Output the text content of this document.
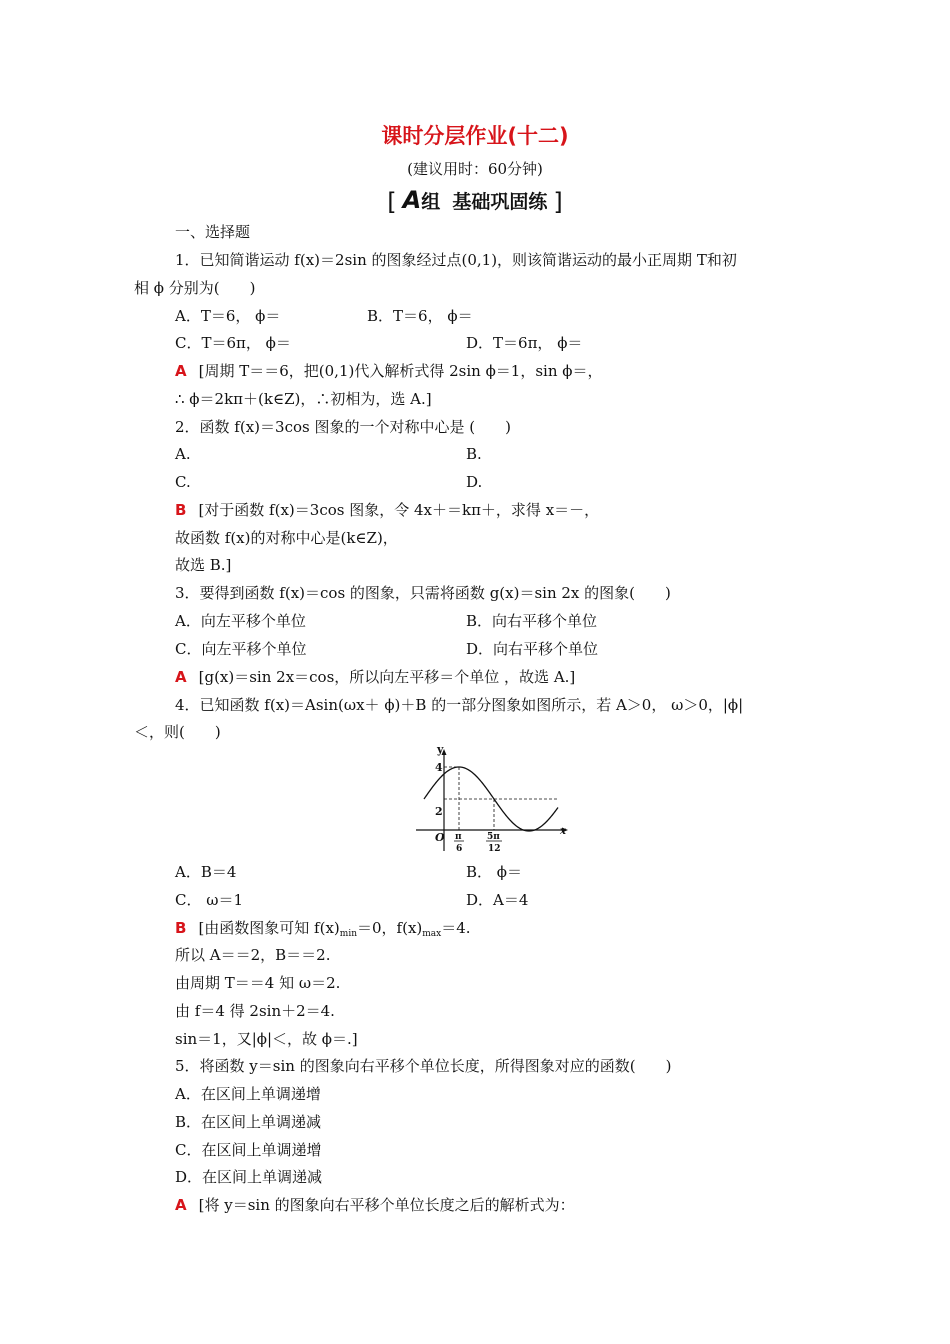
课时分层作业(十二)
(建议用时：60分钟)
[ A组 基础巩固练 ]
一、选择题
1．已知简谐运动 f(x)＝2sin 的图象经过点(0,1)，则该简谐运动的最小正周期 T和初
相 ϕ 分别为(　　)
A．T＝6， ϕ＝	B．T＝6， ϕ＝
C．T＝6π， ϕ＝	D．T＝6π， ϕ＝
A [周期 T＝＝6，把(0,1)代入解析式得 2sin ϕ＝1，sin ϕ＝，
∴ ϕ＝2kπ＋(k∈Z)，∴初相为，选 A.]
2．函数 f(x)＝3cos 图象的一个对称中心是 (　　)
A.	B.
C.	D.
B [对于函数 f(x)＝3cos 图象，令 4x＋＝kπ＋，求得 x＝－，
故函数 f(x)的对称中心是(k∈Z)，
故选 B.]
3．要得到函数 f(x)＝cos 的图象，只需将函数 g(x)＝sin 2x 的图象(　　)
A．向左平移个单位	B．向右平移个单位
C．向左平移个单位	D．向右平移个单位
A [g(x)＝sin 2x＝cos，所以向左平移＝个单位 ，故选 A.]
4．已知函数 f(x)＝Asin(ωx＋ ϕ)＋B 的一部分图象如图所示，若 A＞0， ω＞0，|ϕ|
＜，则(　　)
y
x
O
4
2
π
6
5π
12
A．B＝4	B． ϕ＝
C． ω＝1	D．A＝4
B [由函数图象可知 $f(x)_{min}=0$，$f(x)_{max}=4$.
所以 A＝＝2，B＝＝2.
由周期 T＝＝4 知 ω＝2.
由 f＝4 得 2sin＋2＝4.
sin＝1，又|ϕ|＜，故 ϕ＝.]
5．将函数 y＝sin 的图象向右平移个单位长度，所得图象对应的函数(　　)
A．在区间上单调递增
B．在区间上单调递减
C．在区间上单调递增
D．在区间上单调递减
A [将 y＝sin 的图象向右平移个单位长度之后的解析式为：
